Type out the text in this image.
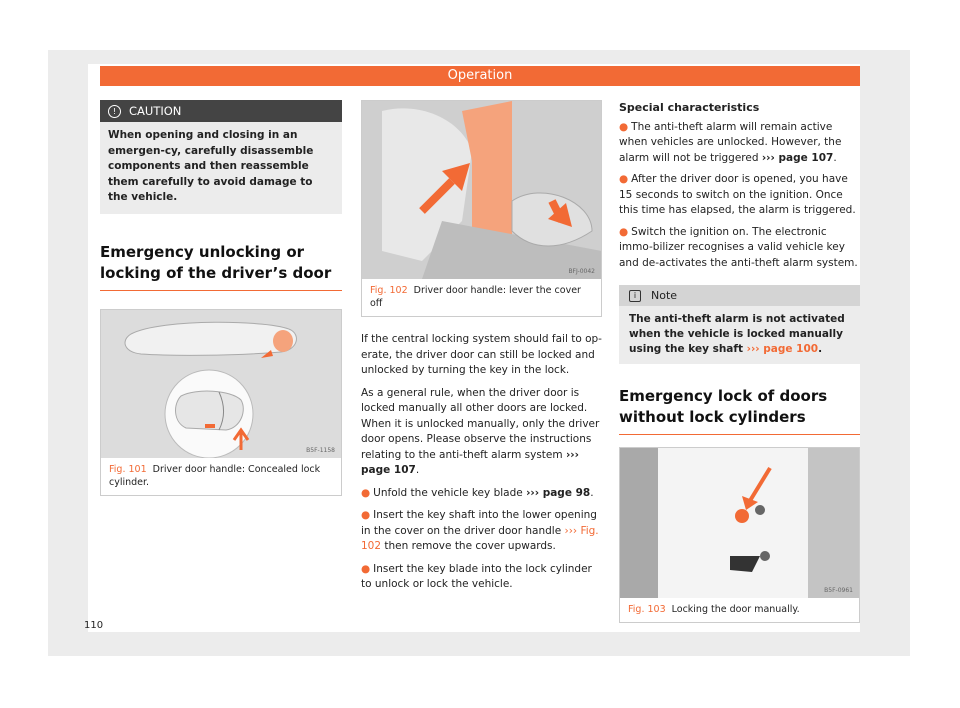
Operation
! CAUTION
When opening and closing in an emergen-cy, carefully disassemble components and then reassemble them carefully to avoid damage to the vehicle.
Emergency unlocking or locking of the driver’s door
B5F-1158
Fig. 101 Driver door handle: Concealed lock cylinder.
BFJ-0042
Fig. 102 Driver door handle: lever the cover off

If the central locking system should fail to op-erate, the driver door can still be locked and unlocked by turning the key in the lock.

As a general rule, when the driver door is locked manually all other doors are locked. When it is unlocked manually, only the driver door opens. Please observe the instructions relating to the anti-theft alarm system ››› page 107.

● Unfold the vehicle key blade ››› page 98.

● Insert the key shaft into the lower opening in the cover on the driver door handle ››› Fig. 102 then remove the cover upwards.

● Insert the key blade into the lock cylinder to unlock or lock the vehicle.

Special characteristics

● The anti-theft alarm will remain active when vehicles are unlocked. However, the alarm will not be triggered ››› page 107.

● After the driver door is opened, you have 15 seconds to switch on the ignition. Once this time has elapsed, the alarm is triggered.

● Switch the ignition on. The electronic immo-bilizer recognises a valid vehicle key and de-activates the anti-theft alarm system.

i Note
The anti-theft alarm is not activated when the vehicle is locked manually using the key shaft ››› page 100.
Emergency lock of doors without lock cylinders
B5F-0961
Fig. 103 Locking the door manually.
110
